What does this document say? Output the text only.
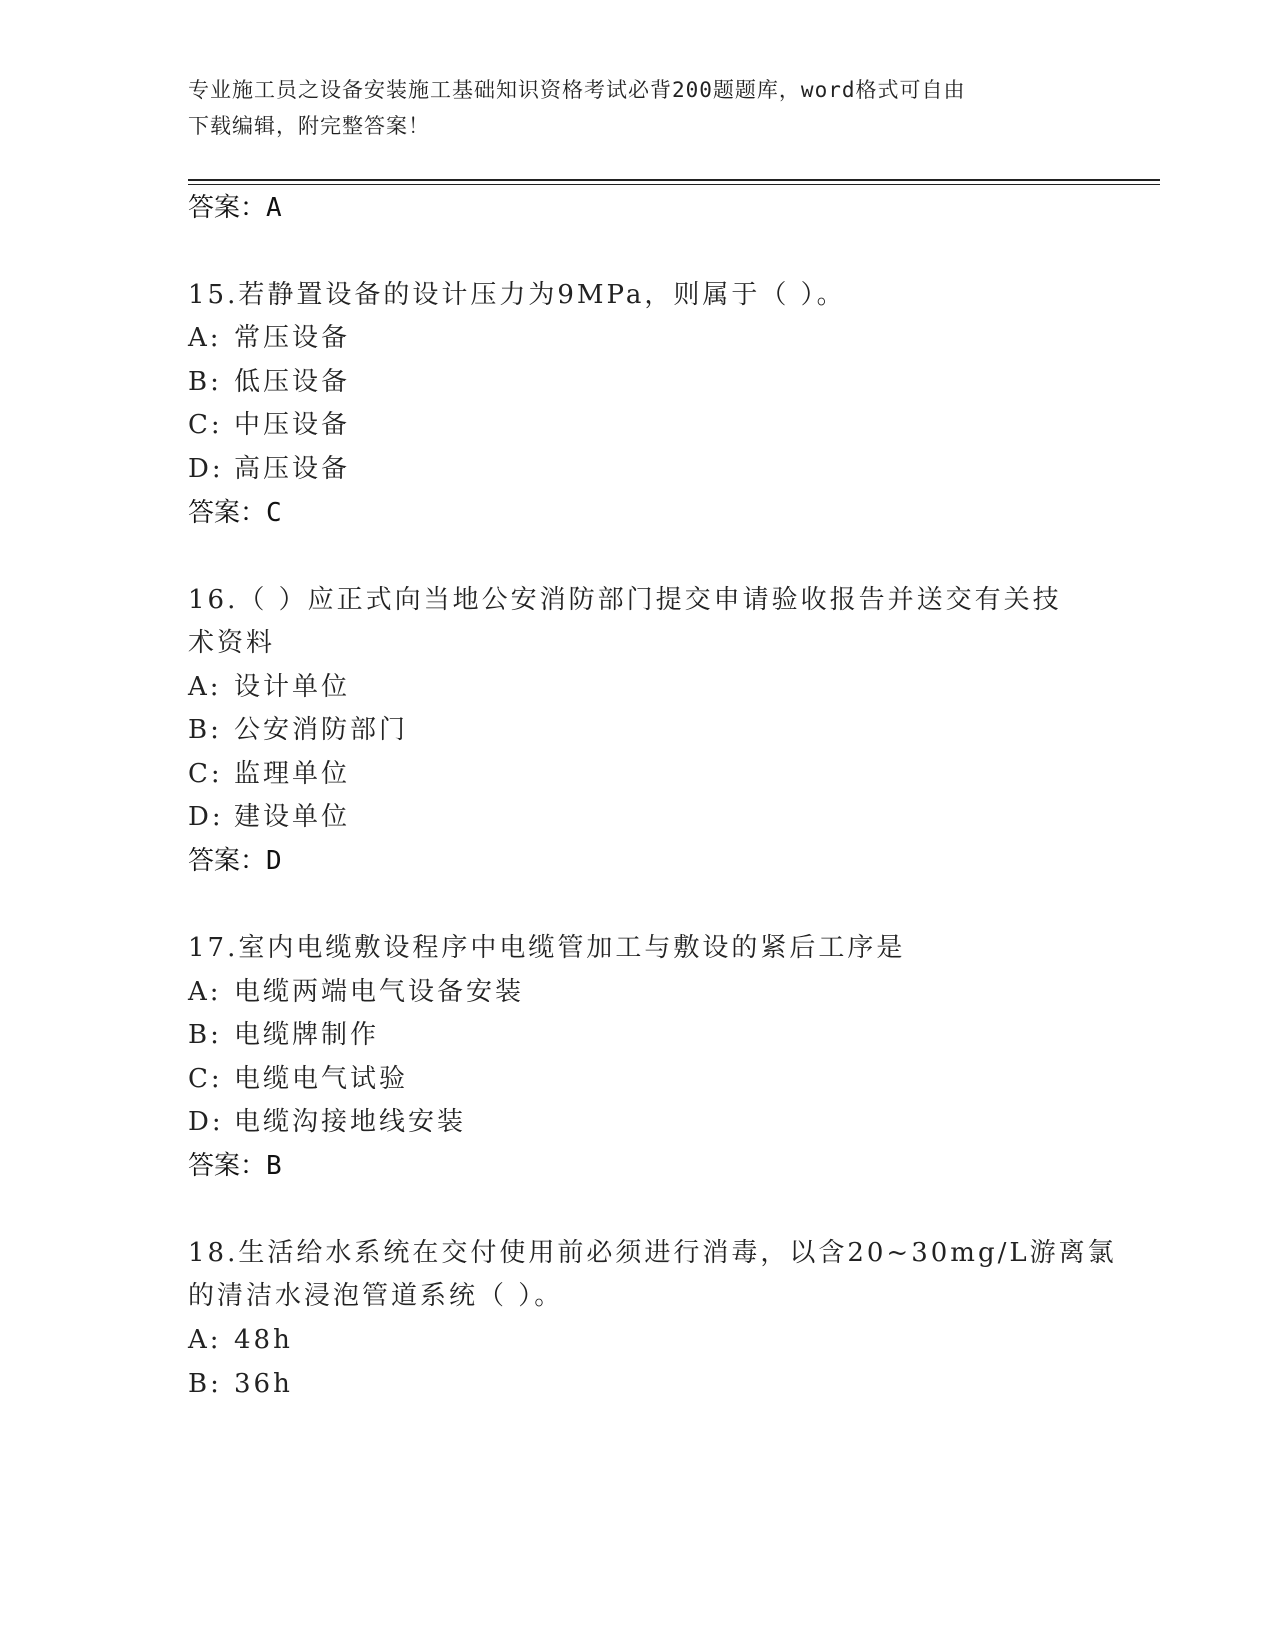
专业施工员之设备安装施工基础知识资格考试必背200题题库，word格式可自由
下载编辑，附完整答案！
答案：A
15.若静置设备的设计压力为9MPa，则属于（ ）。
A: 常压设备
B: 低压设备
C: 中压设备
D: 高压设备
答案：C
16.（ ）应正式向当地公安消防部门提交申请验收报告并送交有关技
术资料
A: 设计单位
B: 公安消防部门
C: 监理单位
D: 建设单位
答案：D
17.室内电缆敷设程序中电缆管加工与敷设的紧后工序是
A: 电缆两端电气设备安装
B: 电缆牌制作
C: 电缆电气试验
D: 电缆沟接地线安装
答案：B
18.生活给水系统在交付使用前必须进行消毒，以含20~30mg/L游离氯
的清洁水浸泡管道系统（ ）。
A: 48h
B: 36h
